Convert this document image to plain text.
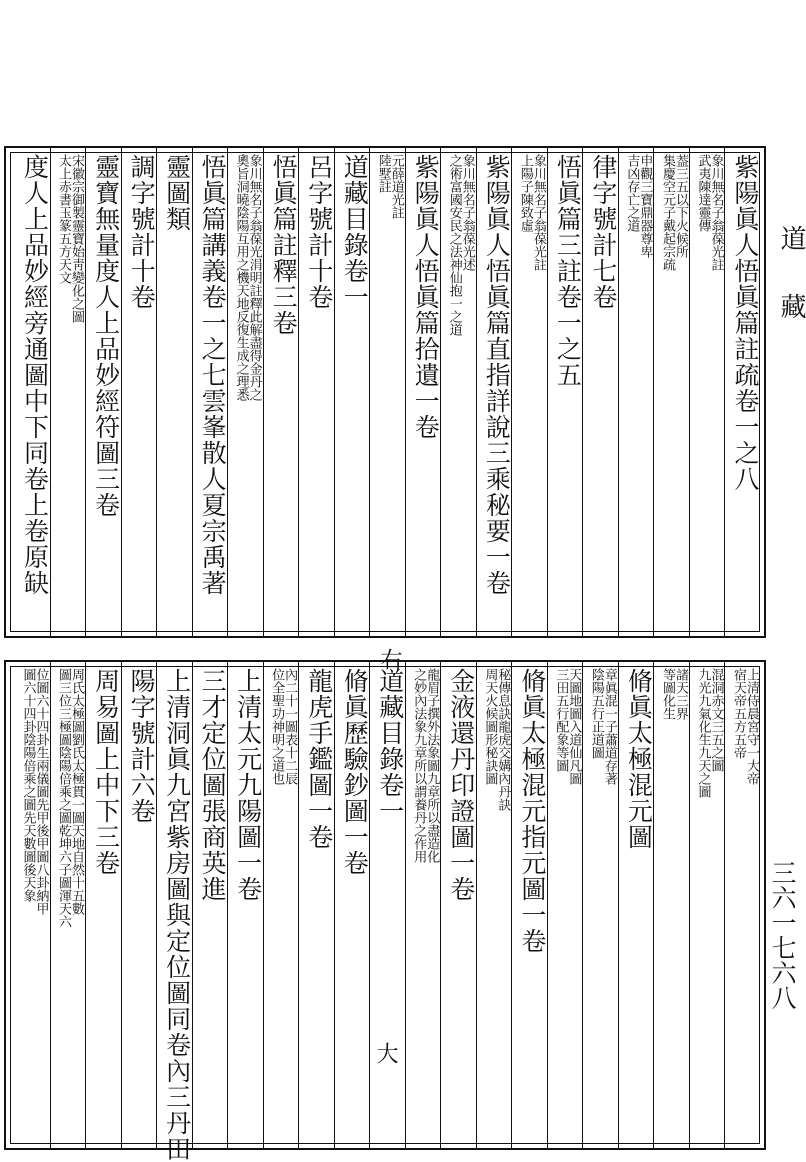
道藏
三六一七六八
紫陽眞人悟眞篇註疏卷一之八
象川無名子翁葆光註
武夷陳達靈傳
葢三五以下火候所
集慶空元子戴起宗疏
申觀三寶鼎器尊卑
吉凶存亡之道
律字號計七卷
悟眞篇三註卷一之五
象川無名子翁葆光註
上陽子陳致虛
紫陽眞人悟眞篇直指詳說三乘秘要一卷
象川無名子翁葆光述
之術富國安民之法神仙抱一之道
紫陽眞人悟眞篇拾遺一卷
元薛道光註
陸墅註
道藏目錄卷一
呂字號計十卷
悟眞篇註釋三卷
象川無名子翁葆光涓明註釋此解盡得金丹之
奧旨洞曉陰陽互用之機天地反復生成之理悉
悟眞篇講義卷一之七雲峯散人夏宗禹著
靈圖類
調字號計十卷
靈寶無量度人上品妙經符圖三卷
宋徽宗御製靈寶始靑變化之圖
太上赤書玉篆五方天文
度人上品妙經旁通圖中下同卷上卷原缺
右
上清侍晨宮守一大帝
宿天帝五方五帝
混洞赤文三五之圖
九光九氣化生九天之圖
諸天三界
等圖化生
脩眞太極混元圖
章眞混一子蕭道存著
陰陽五行正道圖
天圖地圖入道仙凡圖
三田五行配象等圖
脩眞太極混元指元圖一卷
秘傳息訣龍虎交媾內丹訣
周天火候圖形秘訣圖
金液還丹印證圖一卷
龍眉子撰外法象圖九章所以盡造化
之妙內法象九章所以謂養丹之作用
道藏目錄卷一
脩眞歷驗鈔圖一卷
龍虎手鑑圖一卷
內二十一圖表十二辰
位全聖功神明之道也
上清太元九陽圖一卷
三才定位圖張商英進
上清洞眞九宮紫房圖與定位圖同卷內三丹田
陽字號計六卷
周易圖上中下三卷
周氏太極圖劉氏太極貫一圖天地自然十五數
圖三位三極圖陰陽倍乘之圖乾坤六子圖渾天六
位圖六十四卦生兩儀圖先甲後甲圖八卦納甲
圖六十四卦陰陽倍乘之圖先天數圖後天象
大
